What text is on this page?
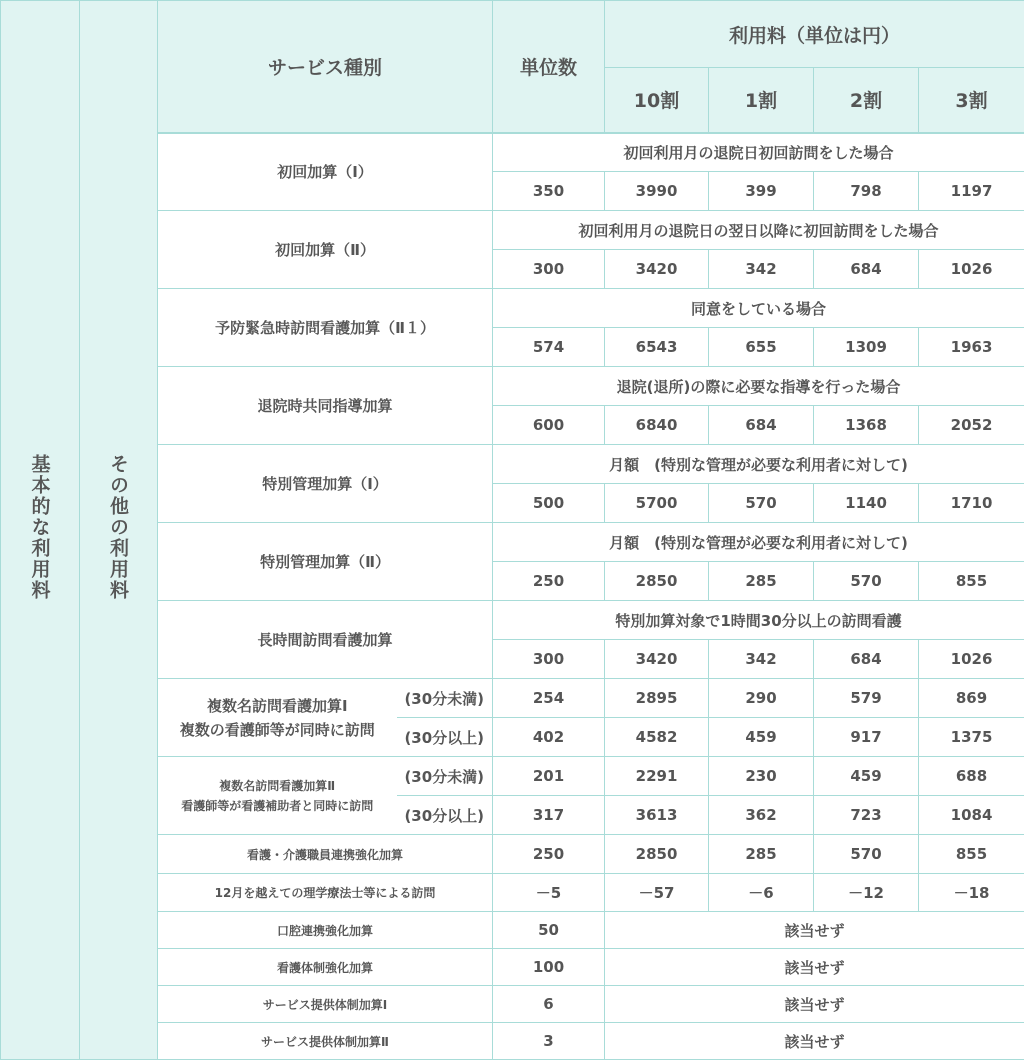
基本的な利用料	その他の利用料	サービス種別		単位数	利用料（単位は円）			
					10割	1割	2割	3割
		初回加算（Ⅰ）		初回利用月の退院日初回訪問をした場合				
				350	3990	399	798	1197
		初回加算（Ⅱ）		初回利用月の退院日の翌日以降に初回訪問をした場合				
				300	3420	342	684	1026
		予防緊急時訪問看護加算（Ⅱ１）		同意をしている場合				
				574	6543	655	1309	1963
		退院時共同指導加算		退院(退所)の際に必要な指導を行った場合				
				600	6840	684	1368	2052
		特別管理加算（Ⅰ）		月額　(特別な管理が必要な利用者に対して)				
				500	5700	570	1140	1710
		特別管理加算（Ⅱ）		月額　(特別な管理が必要な利用者に対して)				
				250	2850	285	570	855
		長時間訪問看護加算		特別加算対象で1時間30分以上の訪問看護				
				300	3420	342	684	1026

		複数名訪問看護加算Ⅰ
複数の看護師等が同時に訪問	(30分未満)	254	2895	290	579	869
			(30分以上)	402	4582	459	917	1375

		複数名訪問看護加算Ⅱ
看護師等が看護補助者と同時に訪問	(30分未満)	201	2291	230	459	688
			(30分以上)	317	3613	362	723	1084
		看護・介護職員連携強化加算		250	2850	285	570	855
		12月を越えての理学療法士等による訪問		－5	－57	－6	－12	－18
		口腔連携強化加算		50	該当せず			
		看護体制強化加算		100	該当せず			
		サービス提供体制加算Ⅰ		6	該当せず			
		サービス提供体制加算Ⅱ		3	該当せず			
